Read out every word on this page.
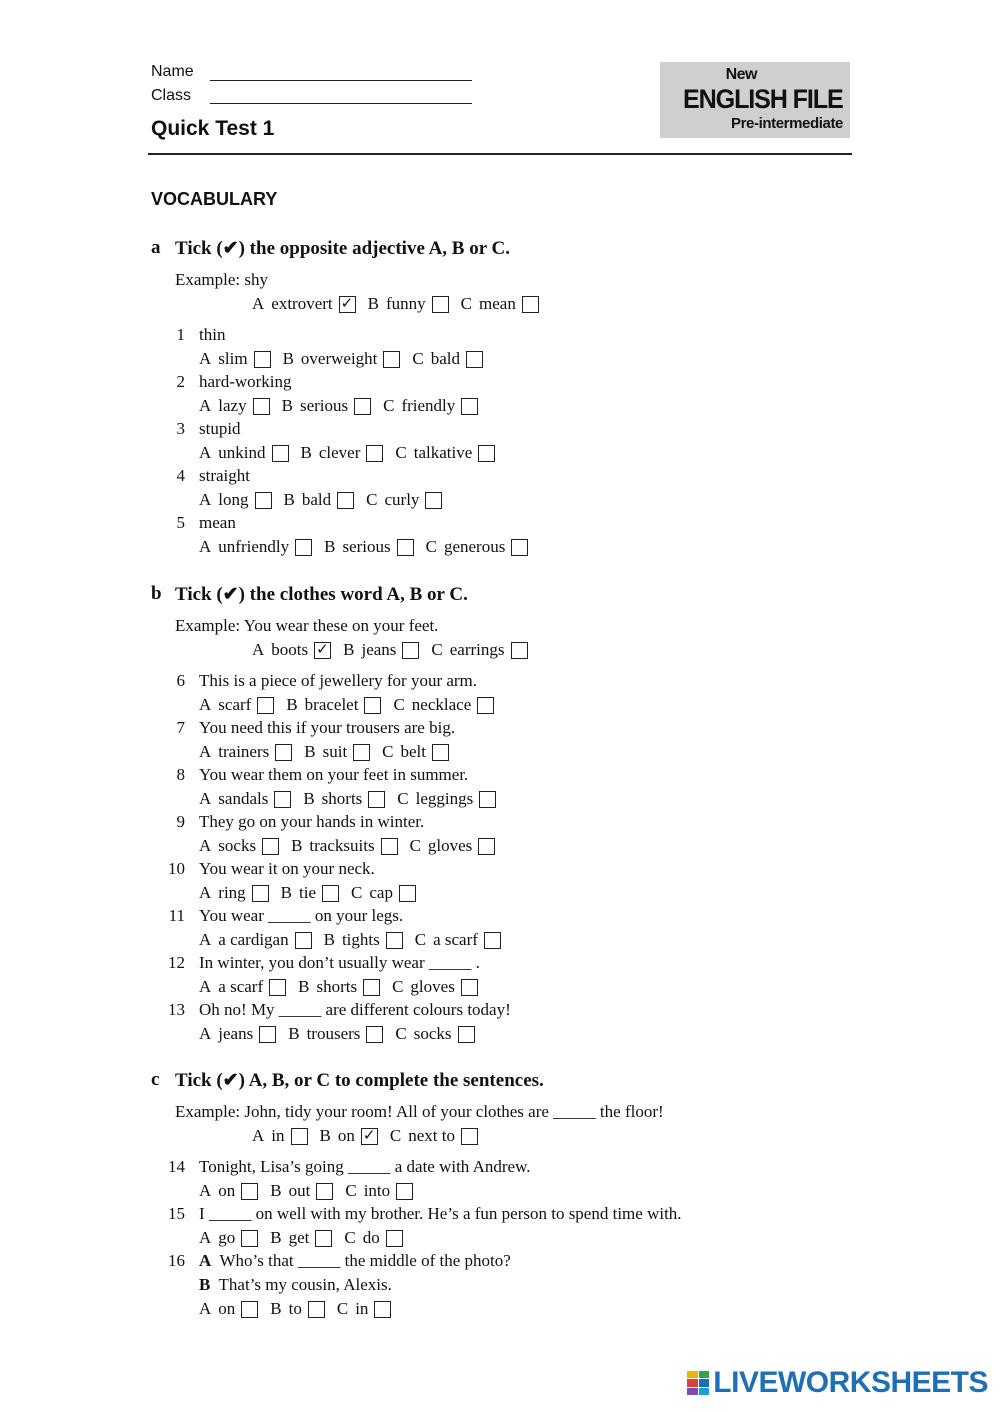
Name
Class
Quick Test 1
New
ENGLISH FILE
Pre-intermediate
VOCABULARY
a Tick (✔) the opposite adjective A, B or C.
Example: shy
A extrovert ✓ B funny C mean
1 thin
A slim B overweight C bald
2 hard-working
A lazy B serious C friendly
3 stupid
A unkind B clever C talkative
4 straight
A long B bald C curly
5 mean
A unfriendly B serious C generous
b Tick (✔) the clothes word A, B or C.
Example: You wear these on your feet.
A boots ✓ B jeans C earrings
6 This is a piece of jewellery for your arm.
A scarf B bracelet C necklace
7 You need this if your trousers are big.
A trainers B suit C belt
8 You wear them on your feet in summer.
A sandals B shorts C leggings
9 They go on your hands in winter.
A socks B tracksuits C gloves
10 You wear it on your neck.
A ring B tie C cap
11 You wear _____ on your legs.
A a cardigan B tights C a scarf
12 In winter, you don’t usually wear _____ .
A a scarf B shorts C gloves
13 Oh no! My _____ are different colours today!
A jeans B trousers C socks
c Tick (✔) A, B, or C to complete the sentences.
Example: John, tidy your room! All of your clothes are _____ the floor!
A in B on ✓ C next to
14 Tonight, Lisa’s going _____ a date with Andrew.
A on B out C into
15 I _____ on well with my brother. He’s a fun person to spend time with.
A go B get C do
16 A Who’s that _____ the middle of the photo?
B That’s my cousin, Alexis.
A on B to C in
LIVEWORKSHEETS
